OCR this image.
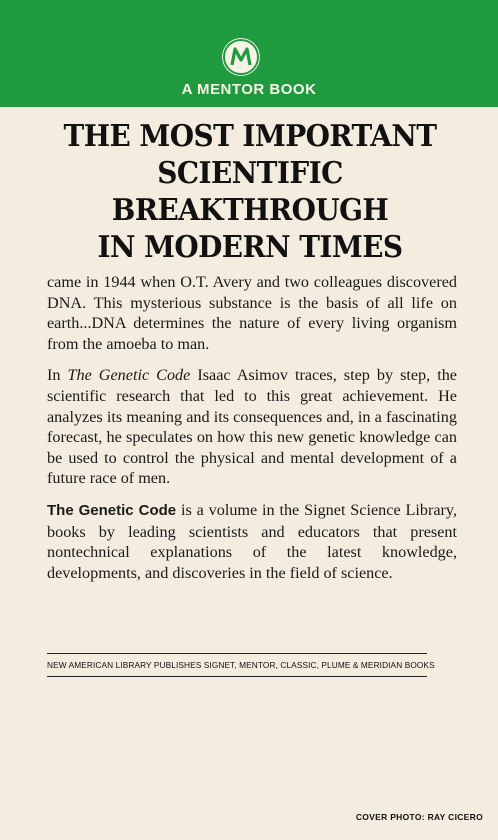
A MENTOR BOOK
THE MOST IMPORTANT
SCIENTIFIC
BREAKTHROUGH
IN MODERN TIMES

came in 1944 when O.T. Avery and two colleagues discovered DNA. This mysterious substance is the basis of all life on earth...DNA determines the nature of every living organism from the amoeba to man.

In The Genetic Code Isaac Asimov traces, step by step, the scientific research that led to this great achievement. He analyzes its meaning and its consequences and, in a fascinating forecast, he speculates on how this new genetic knowledge can be used to control the physical and mental development of a future race of men.

The Genetic Code is a volume in the Signet Science Library, books by leading scientists and educators that present nontechnical explanations of the latest knowledge, developments, and discoveries in the field of science.

NEW AMERICAN LIBRARY PUBLISHES SIGNET, MENTOR, CLASSIC, PLUME & MERIDIAN BOOKS
COVER PHOTO: RAY CICERO
